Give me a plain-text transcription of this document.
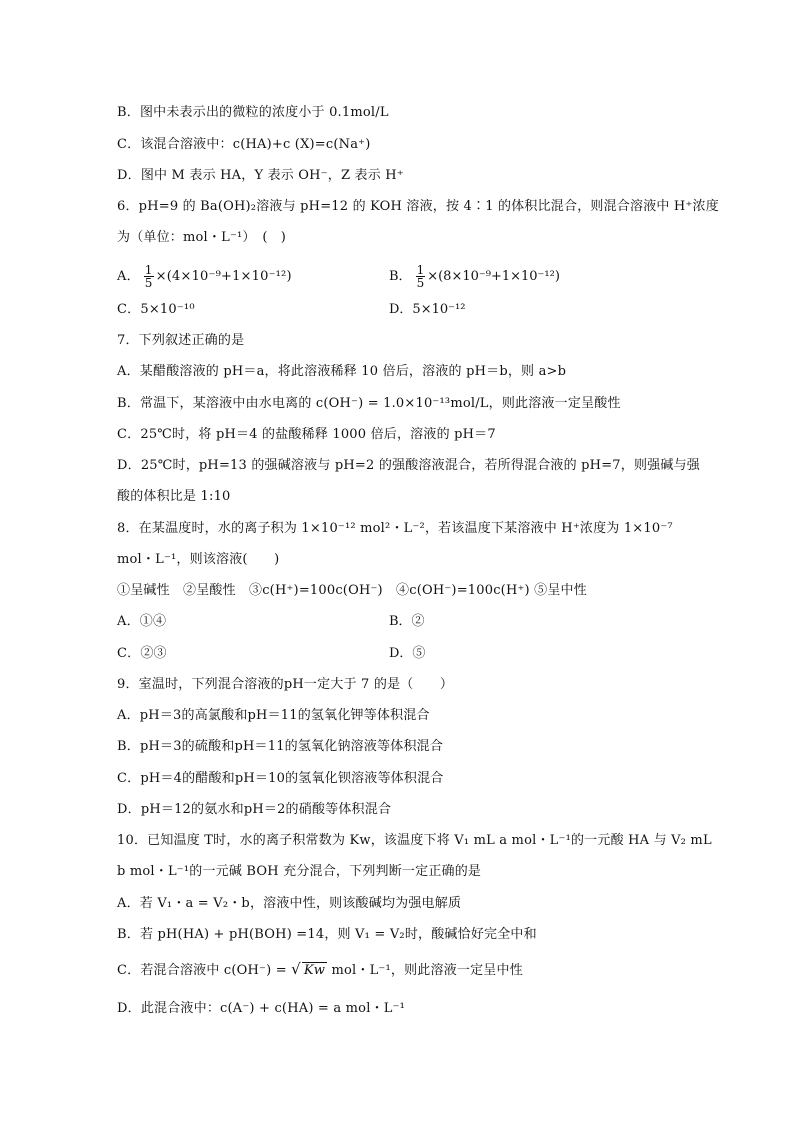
B．图中未表示出的微粒的浓度小于 0.1mol/L
C．该混合溶液中：c(HA)+c (X)=c(Na⁺)
D．图中 M 表示 HA，Y 表示 OH⁻，Z 表示 H⁺
6．pH=9 的 Ba(OH)₂溶液与 pH=12 的 KOH 溶液，按 4∶1 的体积比混合，则混合溶液中 H⁺浓度
为（单位：mol・L⁻¹）　(　)
A． $\frac{1}{5} \times(4\times 10^{-9}+1\times 10^{-12})$	B． $\frac{1}{5} \times(8\times 10^{-9}+1\times 10^{-12})$
C．5×10⁻¹⁰	D．5×10⁻¹²
7．下列叙述正确的是
A．某醋酸溶液的 pH＝a，将此溶液稀释 10 倍后，溶液的 pH＝b，则 a>b
B．常温下，某溶液中由水电离的 c(OH⁻) = 1.0×10⁻¹³mol/L，则此溶液一定呈酸性
C．25℃时，将 pH＝4 的盐酸稀释 1000 倍后，溶液的 pH＝7
D．25℃时，pH=13 的强碱溶液与 pH=2 的强酸溶液混合，若所得混合液的 pH=7，则强碱与强
酸的体积比是 1:10
8．在某温度时，水的离子积为 1×10⁻¹² mol²・L⁻²，若该温度下某溶液中 H⁺浓度为 1×10⁻⁷
mol・L⁻¹，则该溶液(　　)
①呈碱性　②呈酸性　③c(H⁺)=100c(OH⁻)　④c(OH⁻)=100c(H⁺) ⑤呈中性
A．①④	B．②
C．②③	D．⑤
9．室温时，下列混合溶液的pH一定大于 7 的是（　　）
A．pH＝3的高氯酸和pH＝11的氢氧化钾等体积混合
B．pH＝3的硫酸和pH＝11的氢氧化钠溶液等体积混合
C．pH＝4的醋酸和pH＝10的氢氧化钡溶液等体积混合
D．pH＝12的氨水和pH＝2的硝酸等体积混合
10．已知温度 T时，水的离子积常数为 Kw，该温度下将 V₁ mL a mol・L⁻¹的一元酸 HA 与 V₂ mL
b mol・L⁻¹的一元碱 BOH 充分混合，下列判断一定正确的是
A．若 V₁・a = V₂・b，溶液中性，则该酸碱均为强电解质
B．若 pH(HA) + pH(BOH) =14，则 V₁ = V₂时，酸碱恰好完全中和
C．若混合溶液中 c(OH⁻) = √ Kw mol・L⁻¹，则此溶液一定呈中性
D．此混合液中：c(A⁻) + c(HA) = a mol・L⁻¹
